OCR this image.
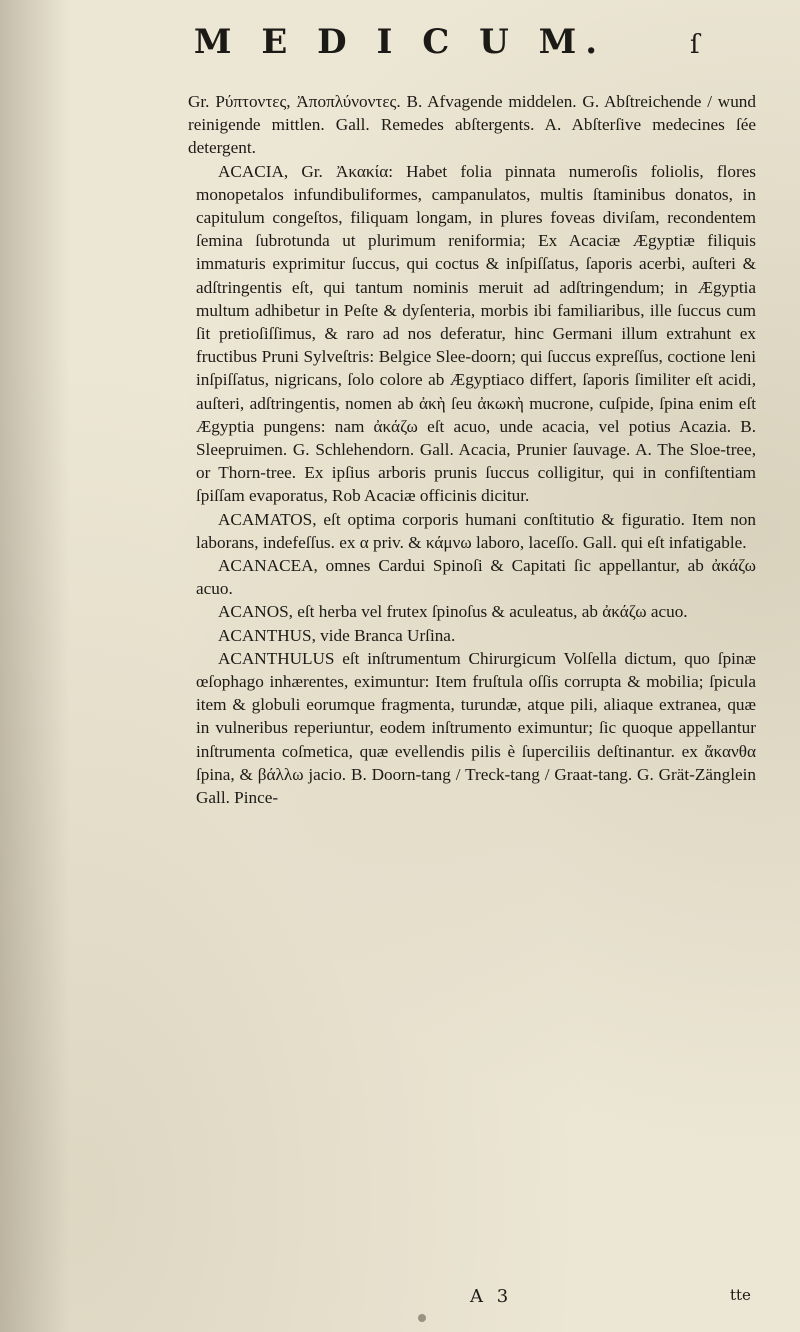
M E D I C U M.	ſ

Gr. Ρύπτοντες, Ἀποπλύνοντες. B. Afvagende middelen. G. Abſtreichende / wund reinigende mittlen. Gall. Remedes abſtergents. A. Abſterſive medecines ſée detergent.

ACACIA, Gr. Ἀκακία: Habet folia pinnata numeroſis foliolis, flores monopetalos infundibuliformes, campanulatos, multis ſtaminibus donatos, in capitulum congeſtos, filiquam longam, in plures foveas diviſam, recondentem ſemina ſubrotunda ut plurimum reniformia; Ex Acaciæ Ægyptiæ filiquis immaturis exprimitur ſuccus, qui coctus & inſpiſſatus, ſaporis acerbi, auſteri & adſtringentis eſt, qui tantum nominis meruit ad adſtringendum; in Ægyptia multum adhibetur in Peſte & dyſenteria, morbis ibi familiaribus, ille ſuccus cum ſit pretioſiſſimus, & raro ad nos deferatur, hinc Germani illum extrahunt ex fructibus Pruni Sylveſtris: Belgice Slee-doorn; qui ſuccus expreſſus, coctione leni inſpiſſatus, nigricans, ſolo colore ab Ægyptiaco differt, ſaporis ſimiliter eſt acidi, auſteri, adſtringentis, nomen ab ἀκὴ ſeu ἀκωκὴ mucrone, cuſpide, ſpina enim eſt Ægyptia pungens: nam ἀκάζω eſt acuo, unde acacia, vel potius Acazia. B. Sleepruimen. G. Schlehendorn. Gall. Acacia, Prunier ſauvage. A. The Sloe-tree, or Thorn-tree. Ex ipſius arboris prunis ſuccus colligitur, qui in confiſtentiam ſpiſſam evaporatus, Rob Acaciæ officinis dicitur.

ACAMATOS, eſt optima corporis humani conſtitutio & figuratio. Item non laborans, indefeſſus. ex α priv. & κάμνω laboro, laceſſo. Gall. qui eſt infatigable.

ACANACEA, omnes Cardui Spinoſi & Capitati ſic appellantur, ab ἀκάζω acuo.

ACANOS, eſt herba vel frutex ſpinoſus & aculeatus, ab ἀκάζω acuo.

ACANTHUS, vide Branca Urſina.

ACANTHULUS eſt inſtrumentum Chirurgicum Volſella dictum, quo ſpinæ œſophago inhærentes, eximuntur: Item fruſtula oſſis corrupta & mobilia; ſpicula item & globuli eorumque fragmenta, turundæ, atque pili, aliaque extranea, quæ in vulneribus reperiuntur, eodem inſtrumento eximuntur; ſic quoque appellantur inſtrumenta coſmetica, quæ evellendis pilis è ſuperciliis deſtinantur. ex ἄκανθα ſpina, & βάλλω jacio. B. Doorn-tang / Treck-tang / Graat-tang. G. Grät-Zänglein Gall. Pince-

A 3	tte
